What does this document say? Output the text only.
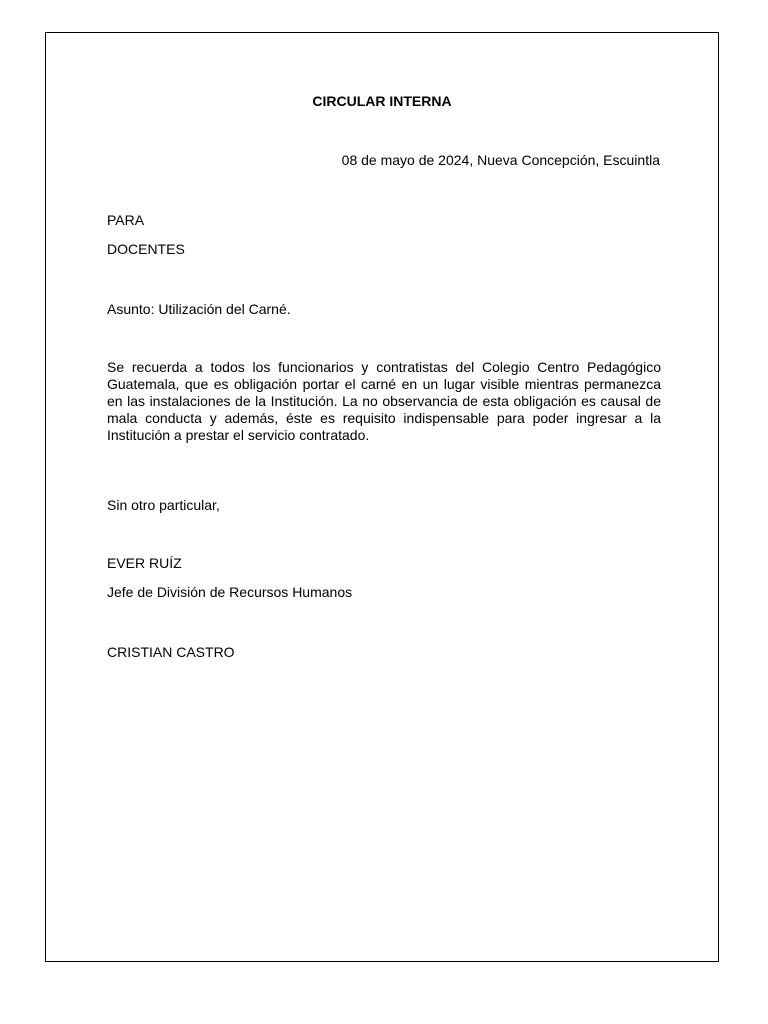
CIRCULAR INTERNA
08 de mayo de 2024, Nueva Concepción, Escuintla
PARA
DOCENTES
Asunto: Utilización del Carné.
Se recuerda a todos los funcionarios y contratistas del Colegio Centro Pedagógico Guatemala, que es obligación portar el carné en un lugar visible mientras permanezca en las instalaciones de la Institución. La no observancia de esta obligación es causal de mala conducta y además, éste es requisito indispensable para poder ingresar a la Institución a prestar el servicio contratado.
Sin otro particular,
EVER RUÍZ
Jefe de División de Recursos Humanos
CRISTIAN CASTRO
